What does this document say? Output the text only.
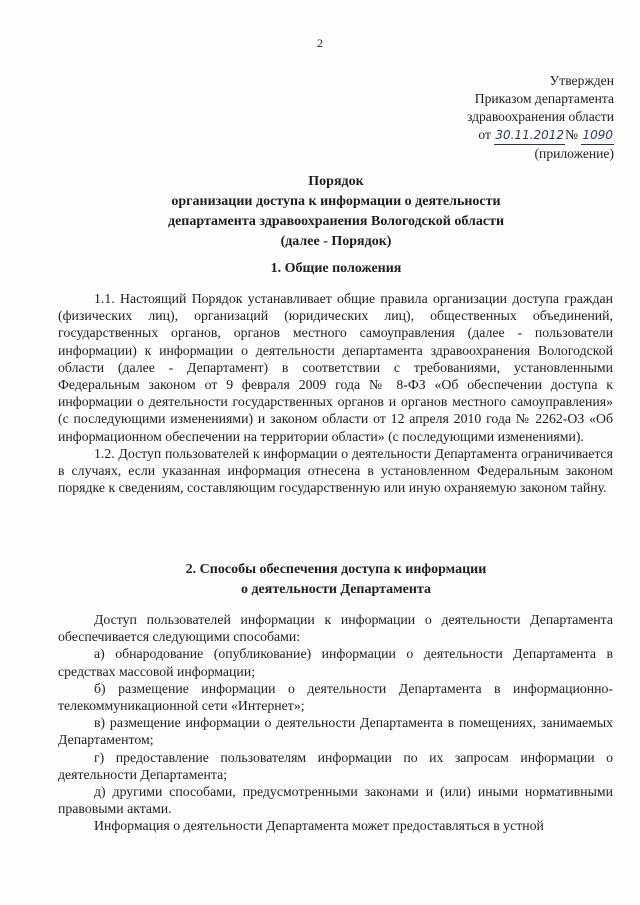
2
Утвержден
Приказом департамента
здравоохранения области
от 30.11.2012№ 1090
(приложение)
Порядок
организации доступа к информации о деятельности
департамента здравоохранения Вологодской области
(далее - Порядок)
1. Общие положения

1.1. Настоящий Порядок устанавливает общие правила организации доступа граждан (физических лиц), организаций (юридических лиц), общественных объединений, государственных органов, органов местного самоуправления (далее - пользователи информации) к информации о деятельности департамента здравоохранения Вологодской области (далее - Департамент) в соответствии с требованиями, установленными Федеральным законом от 9 февраля 2009 года № 8-ФЗ «Об обеспечении доступа к информации о деятельности государственных органов и органов местного самоуправления» (с последующими изменениями) и законом области от 12 апреля 2010 года № 2262-ОЗ «Об информационном обеспечении на территории области» (с последующими изменениями).

1.2. Доступ пользователей к информации о деятельности Департамента ограничивается в случаях, если указанная информация отнесена в установленном Федеральным законом порядке к сведениям, составляющим государственную или иную охраняемую законом тайну.

2. Способы обеспечения доступа к информации
о деятельности Департамента

Доступ пользователей информации к информации о деятельности Департамента обеспечивается следующими способами:

а) обнародование (опубликование) информации о деятельности Департамента в средствах массовой информации;

б) размещение информации о деятельности Департамента в информационно-телекоммуникационной сети «Интернет»;

в) размещение информации о деятельности Департамента в помещениях, занимаемых Департаментом;

г) предоставление пользователям информации по их запросам информации о деятельности Департамента;

д) другими способами, предусмотренными законами и (или) иными нормативными правовыми актами.

Информация о деятельности Департамента может предоставляться в устной
